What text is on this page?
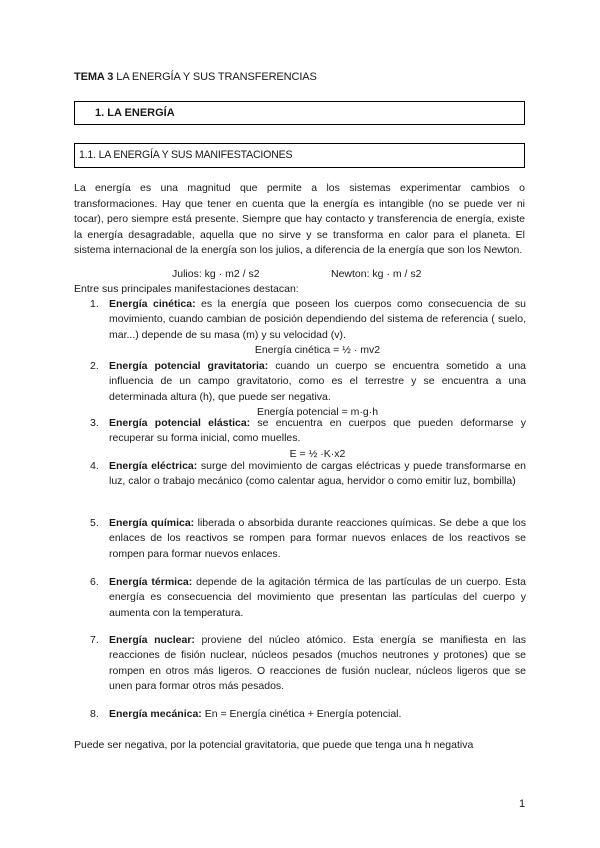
TEMA 3 LA ENERGÍA Y SUS TRANSFERENCIAS
1. LA ENERGÍA
1.1. LA ENERGÍA Y SUS MANIFESTACIONES

La energía es una magnitud que permite a los sistemas experimentar cambios o transformaciones. Hay que tener en cuenta que la energía es intangible (no se puede ver ni tocar), pero siempre está presente. Siempre que hay contacto y transferencia de energía, existe la energía desagradable, aquella que no sirve y se transforma en calor para el planeta. El sistema internacional de la energía son los julios, a diferencia de la energía que son los Newton.

Julios: kg · m2 / s2	Newton: kg · m / s2
Entre sus principales manifestaciones destacan:
1. Energía cinética: es la energía que poseen los cuerpos como consecuencia de su movimiento, cuando cambian de posición dependiendo del sistema de referencia ( suelo, mar...) depende de su masa (m) y su velocidad (v).
Energía cinética = ½ · mv2
2. Energía potencial gravitatoria: cuando un cuerpo se encuentra sometido a una influencia de un campo gravitatorio, como es el terrestre y se encuentra a una determinada altura (h), que puede ser negativa.
Energía potencial = m·g·h
3. Energía potencial elástica: se encuentra en cuerpos que pueden deformarse y recuperar su forma inicial, como muelles.
E = ½ ·K·x2
4. Energía eléctrica: surge del movimiento de cargas eléctricas y puede transformarse en luz, calor o trabajo mecánico (como calentar agua, hervidor o como emitir luz, bombilla)
5. Energía química: liberada o absorbida durante reacciones químicas. Se debe a que los enlaces de los reactivos se rompen para formar nuevos enlaces de los reactivos se rompen para formar nuevos enlaces.
6. Energía térmica: depende de la agitación térmica de las partículas de un cuerpo. Esta energía es consecuencia del movimiento que presentan las partículas del cuerpo y aumenta con la temperatura.
7. Energía nuclear: proviene del núcleo atómico. Esta energía se manifiesta en las reacciones de fisión nuclear, núcleos pesados (muchos neutrones y protones) que se rompen en otros más ligeros. O reacciones de fusión nuclear, núcleos ligeros que se unen para formar otros más pesados.
8. Energía mecánica: En = Energía cinética + Energía potencial.
Puede ser negativa, por la potencial gravitatoria, que puede que tenga una h negativa
1
